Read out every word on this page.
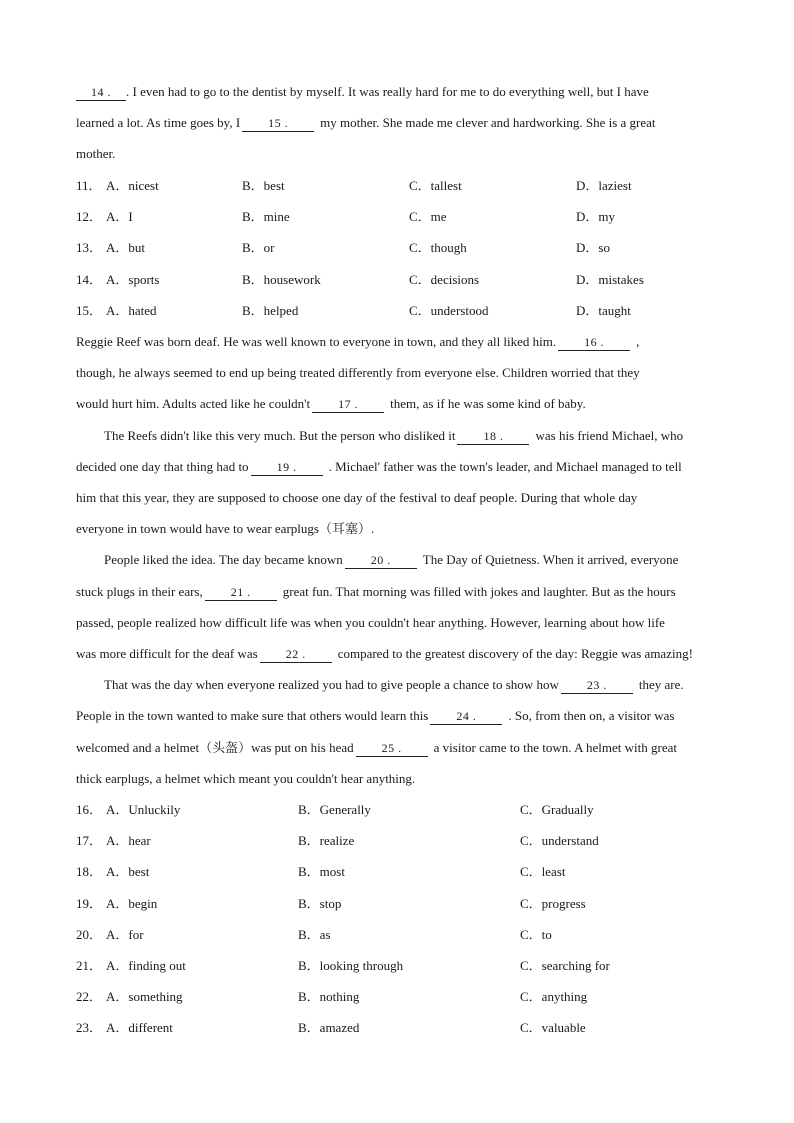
14 . . I even had to go to the dentist by myself. It was really hard for me to do everything well, but I have
learned a lot. As time goes by, I 15 . my mother. She made me clever and hardworking. She is a great
mother.
11． A．nicest	B．best	C．tallest	D．laziest
12． A．I	B．mine	C．me	D．my
13． A．but	B．or	C．though	D．so
14． A．sports	B．housework	C．decisions	D．mistakes
15． A．hated	B．helped	C．understood	D．taught
Reggie Reef was born deaf. He was well known to everyone in town, and they all liked him. 16 . ,
though, he always seemed to end up being treated differently from everyone else. Children worried that they
would hurt him. Adults acted like he couldn't 17 . them, as if he was some kind of baby.
The Reefs didn't like this very much. But the person who disliked it 18 . was his friend Michael, who
decided one day that thing had to 19 . . Michael' father was the town's leader, and Michael managed to tell
him that this year, they are supposed to choose one day of the festival to deaf people. During that whole day
everyone in town would have to wear earplugs（耳塞）.
People liked the idea. The day became known 20 . The Day of Quietness. When it arrived, everyone
stuck plugs in their ears, 21 . great fun. That morning was filled with jokes and laughter. But as the hours
passed, people realized how difficult life was when you couldn't hear anything. However, learning about how life
was more difficult for the deaf was 22 . compared to the greatest discovery of the day: Reggie was amazing!
That was the day when everyone realized you had to give people a chance to show how 23 . they are.
People in the town wanted to make sure that others would learn this 24 . . So, from then on, a visitor was
welcomed and a helmet（头盔）was put on his head 25 . a visitor came to the town. A helmet with great
thick earplugs, a helmet which meant you couldn't hear anything.
16． A．Unluckily	B．Generally	C．Gradually
17． A．hear	B．realize	C．understand
18． A．best	B．most	C．least
19． A．begin	B．stop	C．progress
20． A．for	B．as	C．to
21． A．finding out	B．looking through	C．searching for
22． A．something	B．nothing	C．anything
23． A．different	B．amazed	C．valuable
